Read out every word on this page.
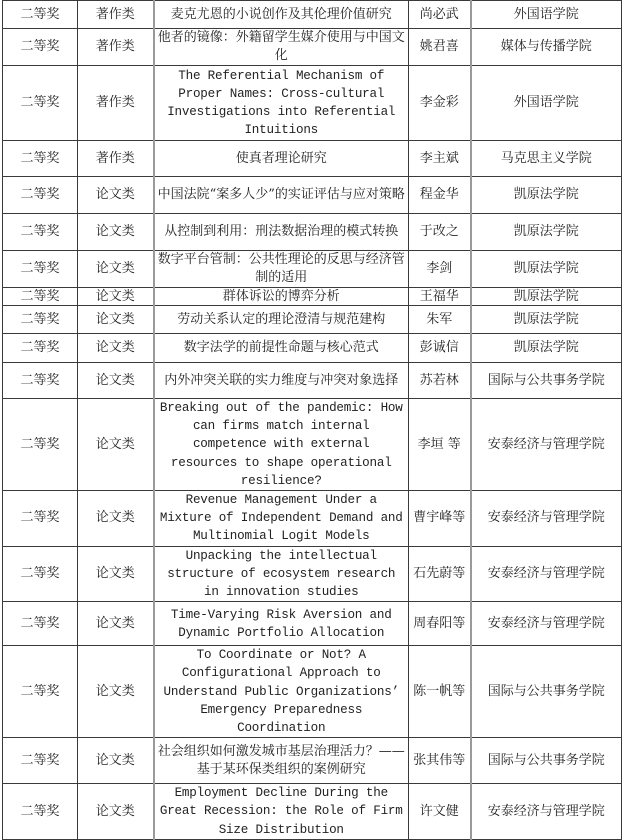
二等奖	著作类	麦克尤恩的小说创作及其伦理价值研究	尚必武	外国语学院
二等奖	著作类	他者的镜像：外籍留学生媒介使用与中国文化	姚君喜	媒体与传播学院
二等奖	著作类	The Referential Mechanism of Proper Names: Cross-cultural Investigations into Referential Intuitions	李金彩	外国语学院
二等奖	著作类	使真者理论研究	李主斌	马克思主义学院
二等奖	论文类	中国法院“案多人少”的实证评估与应对策略	程金华	凯原法学院
二等奖	论文类	从控制到利用：刑法数据治理的模式转换	于改之	凯原法学院
二等奖	论文类	数字平台管制：公共性理论的反思与经济管制的适用	李剑	凯原法学院
二等奖	论文类	群体诉讼的博弈分析	王福华	凯原法学院
二等奖	论文类	劳动关系认定的理论澄清与规范建构	朱军	凯原法学院
二等奖	论文类	数字法学的前提性命题与核心范式	彭诚信	凯原法学院
二等奖	论文类	内外冲突关联的实力维度与冲突对象选择	苏若林	国际与公共事务学院
二等奖	论文类	Breaking out of the pandemic: How can firms match internal competence with external resources to shape operational resilience?	李垣 等	安泰经济与管理学院
二等奖	论文类	Revenue Management Under a Mixture of Independent Demand and Multinomial Logit Models	曹宇峰等	安泰经济与管理学院
二等奖	论文类	Unpacking the intellectual structure of ecosystem research in innovation studies	石先蔚等	安泰经济与管理学院
二等奖	论文类	Time-Varying Risk Aversion and Dynamic Portfolio Allocation	周春阳等	安泰经济与管理学院
二等奖	论文类	To Coordinate or Not? A Configurational Approach to Understand Public Organizations’ Emergency Preparedness Coordination	陈一帆等	国际与公共事务学院
二等奖	论文类	社会组织如何激发城市基层治理活力？——基于某环保类组织的案例研究	张其伟等	国际与公共事务学院
二等奖	论文类	Employment Decline During the Great Recession: the Role of Firm Size Distribution	许文健	安泰经济与管理学院
